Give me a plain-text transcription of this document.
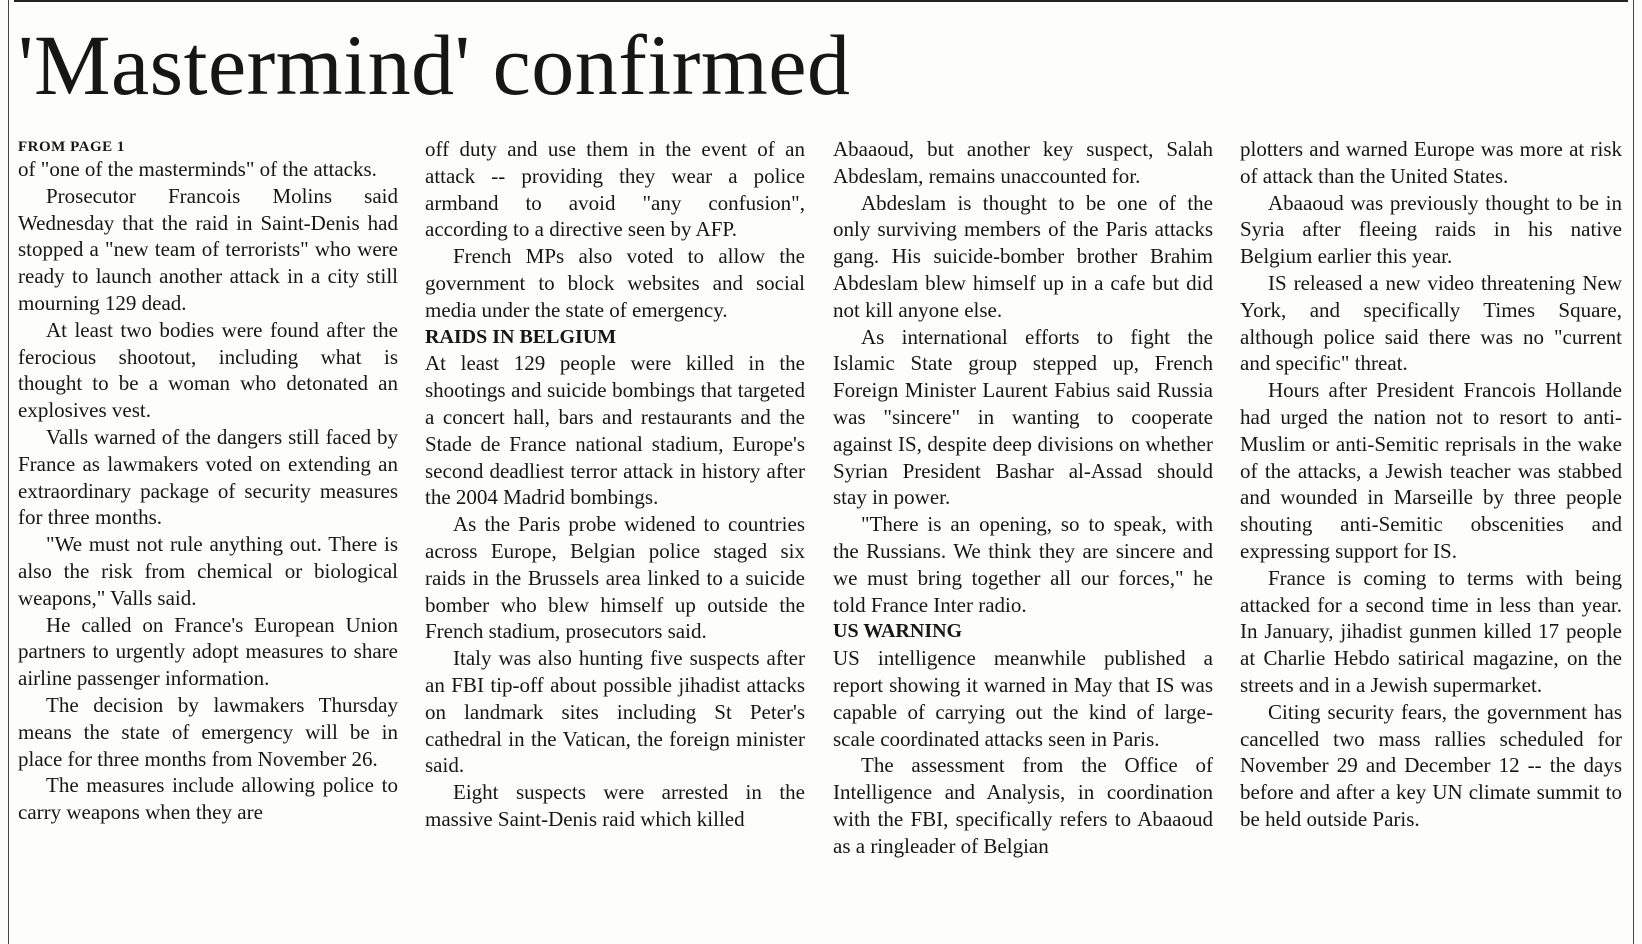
'Mastermind' confirmed
FROM PAGE 1

of "one of the masterminds" of the attacks.

Prosecutor Francois Molins said Wednesday that the raid in Saint-Denis had stopped a "new team of terrorists" who were ready to launch another attack in a city still mourning 129 dead.

At least two bodies were found after the ferocious shootout, including what is thought to be a woman who detonated an explosives vest.

Valls warned of the dangers still faced by France as lawmakers voted on extending an extraordinary package of security measures for three months.

"We must not rule anything out. There is also the risk from chemical or biological weapons," Valls said.

He called on France's European Union partners to urgently adopt measures to share airline passenger information.

The decision by lawmakers Thursday means the state of emergency will be in place for three months from November 26.

The measures include allowing police to carry weapons when they are

off duty and use them in the event of an attack -- providing they wear a police armband to avoid "any confusion", according to a directive seen by AFP.

French MPs also voted to allow the government to block websites and social media under the state of emergency.

RAIDS IN BELGIUM

At least 129 people were killed in the shootings and suicide bombings that targeted a concert hall, bars and restaurants and the Stade de France national stadium, Europe's second deadliest terror attack in history after the 2004 Madrid bombings.

As the Paris probe widened to countries across Europe, Belgian police staged six raids in the Brussels area linked to a suicide bomber who blew himself up outside the French stadium, prosecutors said.

Italy was also hunting five suspects after an FBI tip-off about possible jihadist attacks on landmark sites including St Peter's cathedral in the Vatican, the foreign minister said.

Eight suspects were arrested in the massive Saint-Denis raid which killed

Abaaoud, but another key suspect, Salah Abdeslam, remains unaccounted for.

Abdeslam is thought to be one of the only surviving members of the Paris attacks gang. His suicide-bomber brother Brahim Abdeslam blew himself up in a cafe but did not kill anyone else.

As international efforts to fight the Islamic State group stepped up, French Foreign Minister Laurent Fabius said Russia was "sincere" in wanting to cooperate against IS, despite deep divisions on whether Syrian President Bashar al-Assad should stay in power.

"There is an opening, so to speak, with the Russians. We think they are sincere and we must bring together all our forces," he told France Inter radio.

US WARNING

US intelligence meanwhile published a report showing it warned in May that IS was capable of carrying out the kind of large-scale coordinated attacks seen in Paris.

The assessment from the Office of Intelligence and Analysis, in coordination with the FBI, specifically refers to Abaaoud as a ringleader of Belgian

plotters and warned Europe was more at risk of attack than the United States.

Abaaoud was previously thought to be in Syria after fleeing raids in his native Belgium earlier this year.

IS released a new video threatening New York, and specifically Times Square, although police said there was no "current and specific" threat.

Hours after President Francois Hollande had urged the nation not to resort to anti-Muslim or anti-Semitic reprisals in the wake of the attacks, a Jewish teacher was stabbed and wounded in Marseille by three people shouting anti-Semitic obscenities and expressing support for IS.

France is coming to terms with being attacked for a second time in less than year. In January, jihadist gunmen killed 17 people at Charlie Hebdo satirical magazine, on the streets and in a Jewish supermarket.

Citing security fears, the government has cancelled two mass rallies scheduled for November 29 and December 12 -- the days before and after a key UN climate summit to be held outside Paris.
